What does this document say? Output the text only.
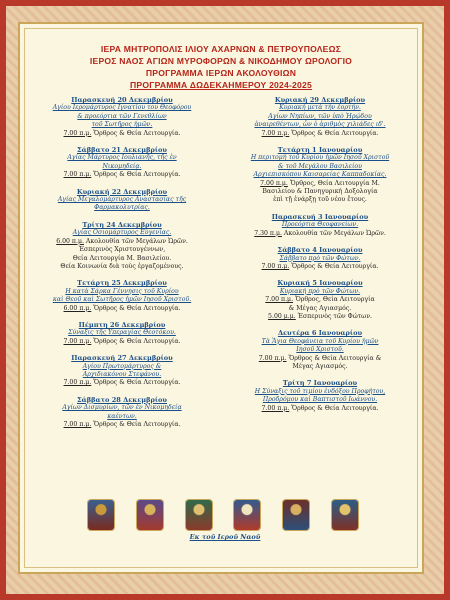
ΙΕΡΑ ΜΗΤΡΟΠΟΛΙΣ ΙΛΙΟΥ ΑΧΑΡΝΩΝ & ΠΕΤΡΟΥΠΟΛΕΩΣ
ΙΕΡΟΣ ΝΑΟΣ ΑΓΙΩΝ ΜΥΡΟΦΟΡΩΝ & ΝΙΚΟΔΗΜΟΥ ΩΡΟΛΟΓΙΟ
ΠΡΟΓΡΑΜΜΑ ΙΕΡΩΝ ΑΚΟΛΟΥΘΙΩΝ
ΠΡΟΓΡΑΜΜΑ ΔΩΔΕΚΑΗΜΕΡΟΥ 2024-2025
Παρασκευή 20 Δεκεμβρίου
Αγίου Ιερομάρτυρος Ιγνατίου του Θεοφόρου
& προεόρτια τῶν Γενεθλίων
τοῦ Σωτῆρος ἡμῶν.
7.00 π.μ. Ὄρθρος & Θεία Λειτουργία.
Σάββατο 21 Δεκεμβρίου
Αγίας Μάρτυρος Ιουλιανῆς, τῆς ἐν
Νικομηδείᾳ.
7.00 π.μ. Ὄρθρος & Θεία Λειτουργία.
Κυριακή 22 Δεκεμβρίου
Αγίας Μεγαλομάρτυρος Αναστασίας τῆς
Φαρμακολυτρίας.
Τρίτη 24 Δεκεμβρίου
Αγίας Οσιομάρτυρος Εὐγενίας.
6.00 π.μ. Ακολουθία τῶν Μεγάλων Ὡρῶν.
Ἑσπερινὸς Χριστουγέννων,
Θεία Λειτουργία Μ. Βασιλείου.
Θεία Κοινωνία διὰ τοὺς ἐργαζομένους.
Τετάρτη 25 Δεκεμβρίου
Η κατὰ Σάρκα Γέννησις τοῦ Κυρίου
καὶ Θεοῦ καὶ Σωτῆρος ἡμῶν Ιησοῦ Χριστοῦ.
6.00 π.μ. Ὄρθρος & Θεία Λειτουργία.
Πέμπτη 26 Δεκεμβρίου
Σύναξις τῆς Υπεραγίας Θεοτόκου.
7.00 π.μ. Ὄρθρος & Θεία Λειτουργία.
Παρασκευή 27 Δεκεμβρίου
Αγίου Πρωτομάρτυρος &
Αρχιδιακόνου Στεφάνου.
7.00 π.μ. Ὄρθρος & Θεία Λειτουργία.
Σάββατο 28 Δεκεμβρίου
Αγίων Δισμυρίων, τῶν ἐν Νικομηδείᾳ
καέντων.
7.00 π.μ. Ὄρθρος & Θεία Λειτουργία.
Κυριακή 29 Δεκεμβρίου
Κυριακή μετὰ τὴν ἑορτήν.
Αγίων Νηπίων, τῶν ὑπὸ Ἡρῴδου
ἀναιρεθέντων, ὧν ὁ ἀριθμὸς χιλιάδες ιδ'.
7.00 π.μ. Ὄρθρος & Θεία Λειτουργία.
Τετάρτη 1 Ιανουαρίου
Η περιτομὴ τοῦ Κυρίου ἡμῶν Ιησοῦ Χριστοῦ
& τοῦ Μεγάλου Βασιλείου
Αρχιεπισκόπου Καισαρείας Καππαδοκίας.
7.00 π.μ. Ὄρθρος, Θεία Λειτουργία Μ.
Βασιλείου & Πανηγυρικὴ Δοξολογία
ἐπὶ τῇ ἐνάρξῃ τοῦ νέου ἔτους.
Παρασκευή 3 Ιανουαρίου
Προεόρτια Θεοφανείων.
7.30 π.μ. Ακολουθία τῶν Μεγάλων Ὡρῶν.
Σάββατο 4 Ιανουαρίου
Σάββατο πρὸ τῶν Φώτων.
7.00 π.μ. Ὄρθρος & Θεία Λειτουργία.
Κυριακή 5 Ιανουαρίου
Κυριακή πρὸ τῶν Φώτων.
7.00 π.μ. Ὄρθρος, Θεία Λειτουργία
& Μέγας Αγιασμός.
5.00 μ.μ. Ἑσπερινὸς τῶν Φώτων.
Δευτέρα 6 Ιανουαρίου
Τὰ Ἅγια Θεοφάνεια τοῦ Κυρίου ἡμῶν
Ιησοῦ Χριστοῦ.
7.00 π.μ. Ὄρθρος & Θεία Λειτουργία &
Μέγας Αγιασμός.
Τρίτη 7 Ιανουαρίου
Η Σύναξις τοῦ τιμίου ἐνδόξου Προφήτου,
Προδρόμου καὶ Βαπτιστοῦ Ιωάννου.
7.00 π.μ. Ὄρθρος & Θεία Λειτουργία.
Εκ τοῦ Ιεροῦ Ναοῦ
